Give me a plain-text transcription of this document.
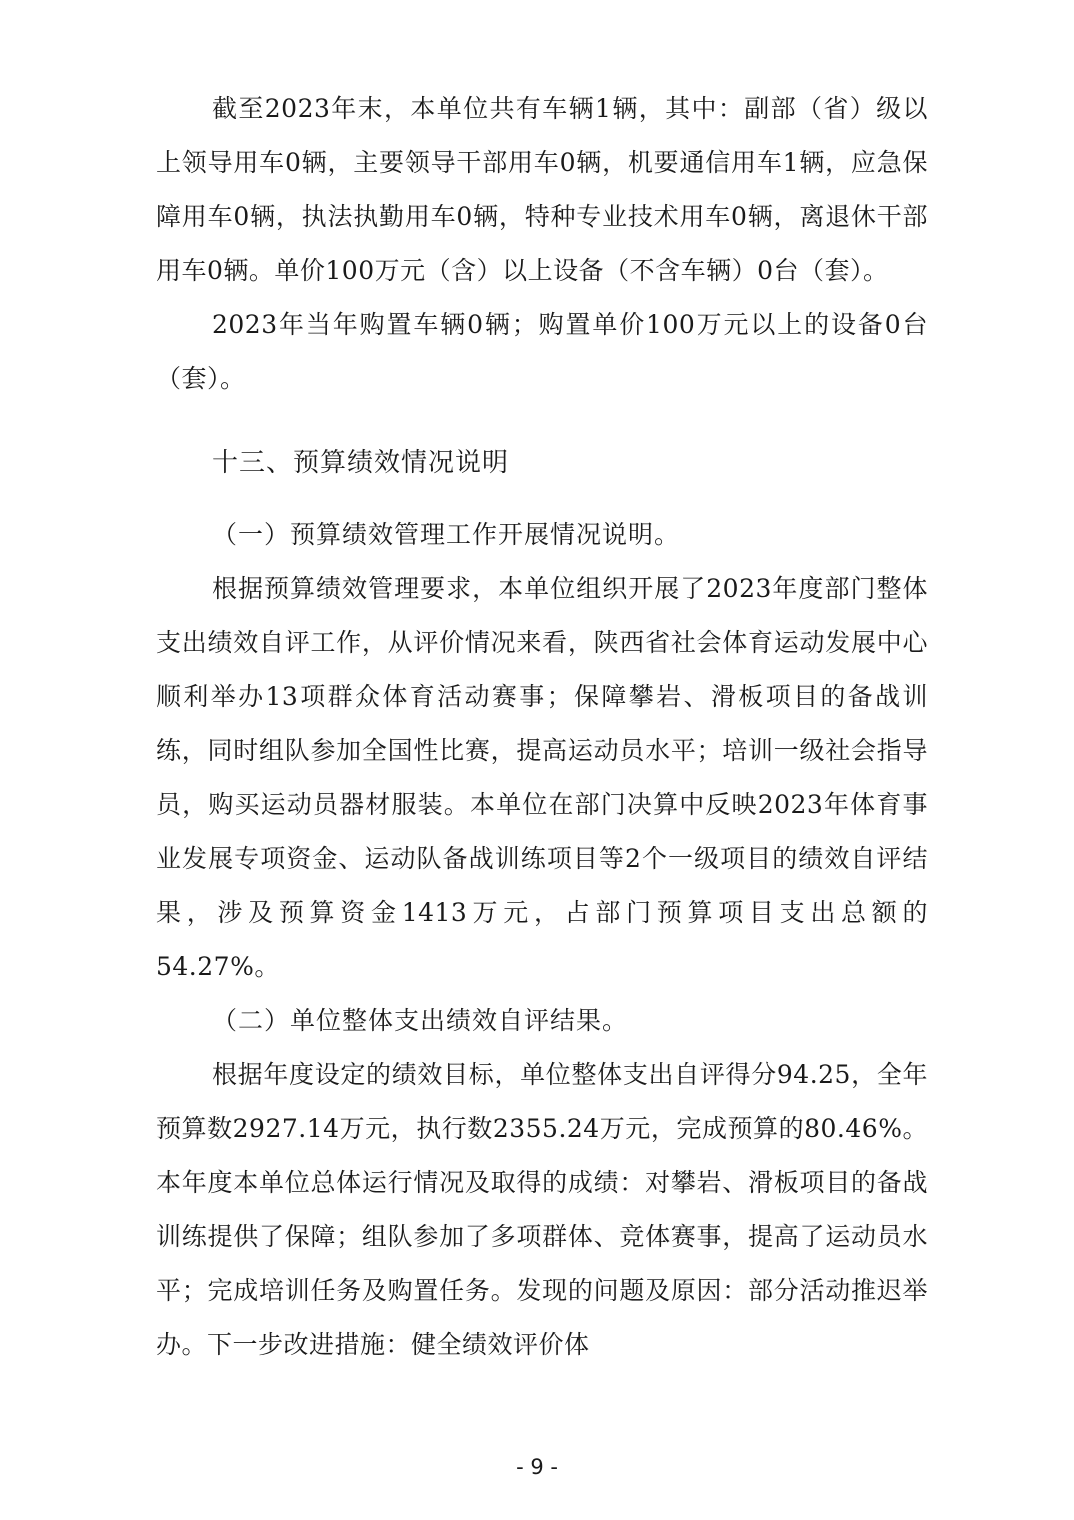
截至2023年末，本单位共有车辆1辆，其中：副部（省）级以上领导用车0辆，主要领导干部用车0辆，机要通信用车1辆，应急保障用车0辆，执法执勤用车0辆，特种专业技术用车0辆，离退休干部用车0辆。单价100万元（含）以上设备（不含车辆）0台（套）。

2023年当年购置车辆0辆；购置单价100万元以上的设备0台（套）。

十三、预算绩效情况说明

（一）预算绩效管理工作开展情况说明。

根据预算绩效管理要求，本单位组织开展了2023年度部门整体支出绩效自评工作，从评价情况来看，陕西省社会体育运动发展中心顺利举办13项群众体育活动赛事；保障攀岩、滑板项目的备战训练，同时组队参加全国性比赛，提高运动员水平；培训一级社会指导员，购买运动员器材服装。本单位在部门决算中反映2023年体育事业发展专项资金、运动队备战训练项目等2个一级项目的绩效自评结果，涉及预算资金1413万元，占部门预算项目支出总额的54.27%。

（二）单位整体支出绩效自评结果。

根据年度设定的绩效目标，单位整体支出自评得分94.25，全年预算数2927.14万元，执行数2355.24万元，完成预算的80.46%。本年度本单位总体运行情况及取得的成绩：对攀岩、滑板项目的备战训练提供了保障；组队参加了多项群体、竞体赛事，提高了运动员水平；完成培训任务及购置任务。发现的问题及原因：部分活动推迟举办。下一步改进措施：健全绩效评价体

- 9 -
